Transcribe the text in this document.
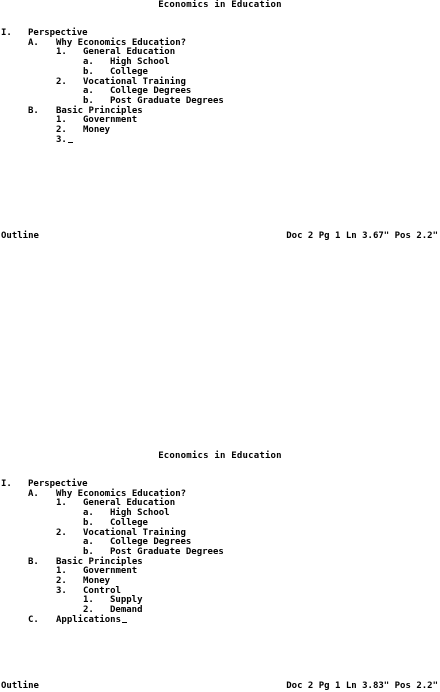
Economics in Education
I. Perspective
A. Why Economics Education?
1. General Education
a. High School
b. College
2. Vocational Training
a. College Degrees
b. Post Graduate Degrees
B. Basic Principles
1. Government
2. Money
3.
Outline	Doc 2 Pg 1 Ln 3.67" Pos 2.2"
Economics in Education
I. Perspective
A. Why Economics Education?
1. General Education
a. High School
b. College
2. Vocational Training
a. College Degrees
b. Post Graduate Degrees
B. Basic Principles
1. Government
2. Money
3. Control
1. Supply
2. Demand
C. Applications
Outline	Doc 2 Pg 1 Ln 3.83" Pos 2.2"
